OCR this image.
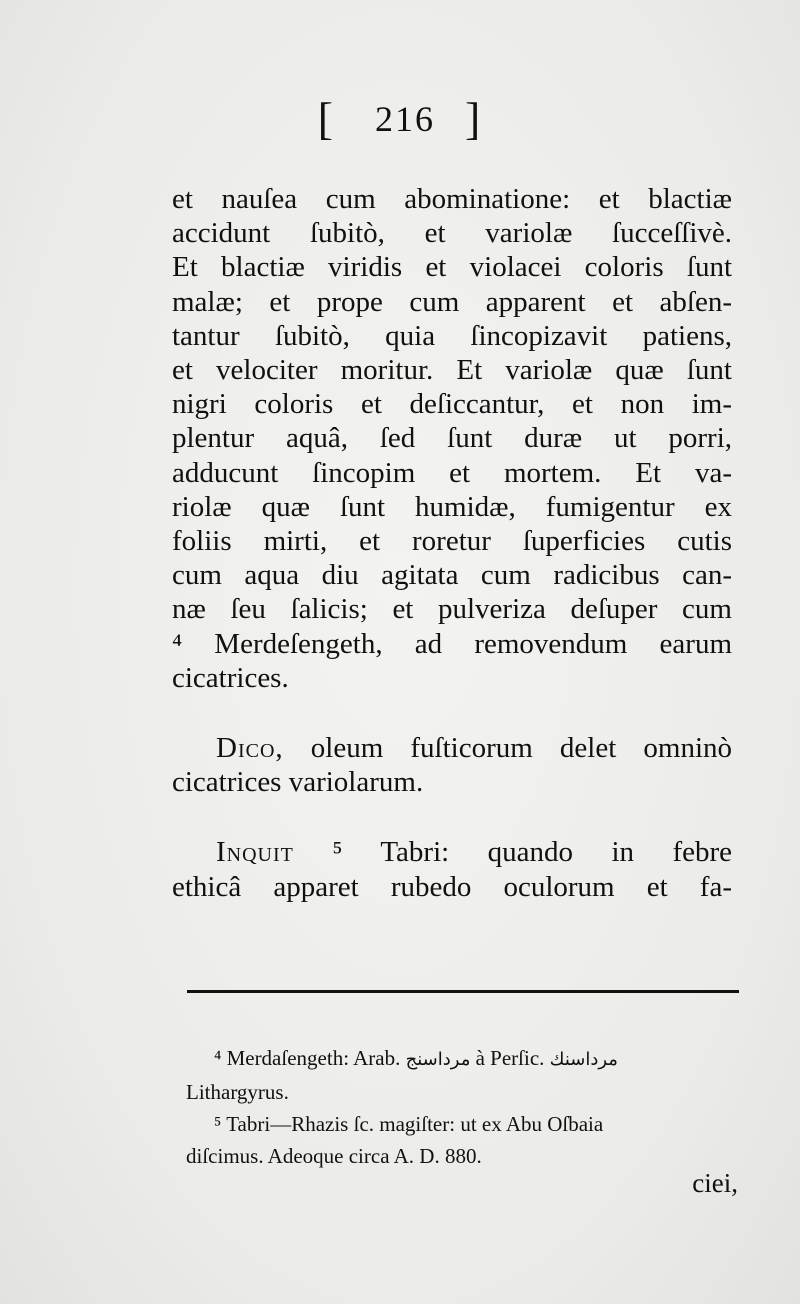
[ 216 ]
et nauſea cum abominatione: et blactiæ
accidunt ſubitò, et variolæ ſucceſſivè.
Et blactiæ viridis et violacei coloris ſunt
malæ; et prope cum apparent et abſen-
tantur ſubitò, quia ſincopizavit patiens,
et velociter moritur. Et variolæ quæ ſunt
nigri coloris et deſiccantur, et non im-
plentur aquâ, ſed ſunt duræ ut porri,
adducunt ſincopim et mortem. Et va-
riolæ quæ ſunt humidæ, fumigentur ex
foliis mirti, et roretur ſuperficies cutis
cum aqua diu agitata cum radicibus can-
næ ſeu ſalicis; et pulveriza deſuper cum
⁴ Merdeſengeth, ad removendum earum
cicatrices.
Dico, oleum fuſticorum delet omninò
cicatrices variolarum.
Inquit ⁵ Tabri: quando in febre
ethicâ apparet rubedo oculorum et fa-
⁴ Merdaſengeth: Arab. مرداسنج à Perſic. مرداسنك
Lithargyrus.
⁵ Tabri—Rhazis ſc. magiſter: ut ex Abu Oſbaia
diſcimus. Adeoque circa A. D. 880.
ciei,
